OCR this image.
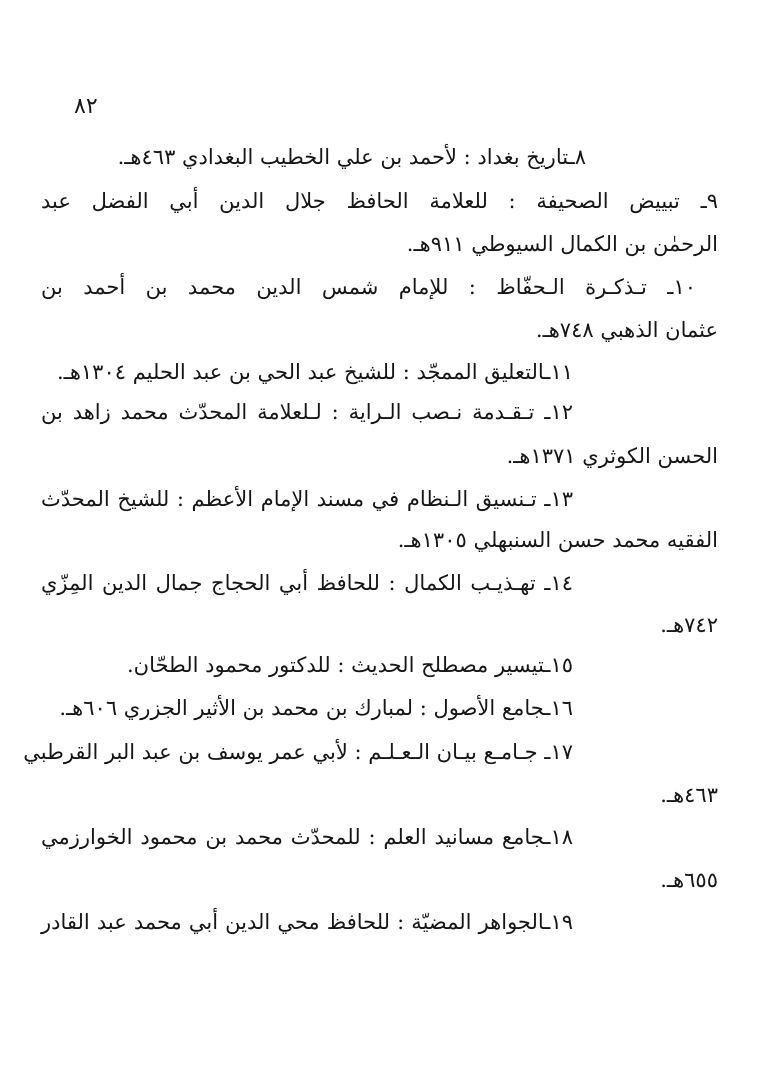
٨٢
٨ـتاريخ بغداد : لأحمد بن علي الخطيب البغدادي ٤٦٣هـ.
٩ـ تبييض الصحيفة : للعلامة الحافظ جلال الدين أبي الفضل عبد
الرحمٰن بن الكمال السيوطي ٩١١هـ.
١٠ـ تـذكـرة الـحفّاظ : للإمام شمس الدين محمد بن أحمد بن
عثمان الذهبي ٧٤٨هـ.
١١ـالتعليق الممجّد : للشيخ عبد الحي بن عبد الحليم ١٣٠٤هـ.
١٢ـ تـقـدمة نـصب الـراية : لـلعلامة المحدّث محمد زاهد بن
الحسن الكوثري ١٣٧١هـ.
١٣ـ تـنسيق الـنظام في مسند الإمام الأعظم : للشيخ المحدّث
الفقيه محمد حسن السنبهلي ١٣٠٥هـ.
١٤ـ تهـذيـب الكمال : للحافظ أبي الحجاج جمال الدين المِزّي
٧٤٢هـ.
١٥ـتيسير مصطلح الحديث : للدكتور محمود الطحّان.
١٦ـجامع الأصول : لمبارك بن محمد بن الأثير الجزري ٦٠٦هـ.
١٧ـ جـامـع بيـان الـعـلـم : لأبي عمر يوسف بن عبد البر القرطبي
٤٦٣هـ.
١٨ـجامع مسانيد العلم : للمحدّث محمد بن محمود الخوارزمي
٦٥٥هـ.
١٩ـالجواهر المضيّة : للحافظ محي الدين أبي محمد عبد القادر
